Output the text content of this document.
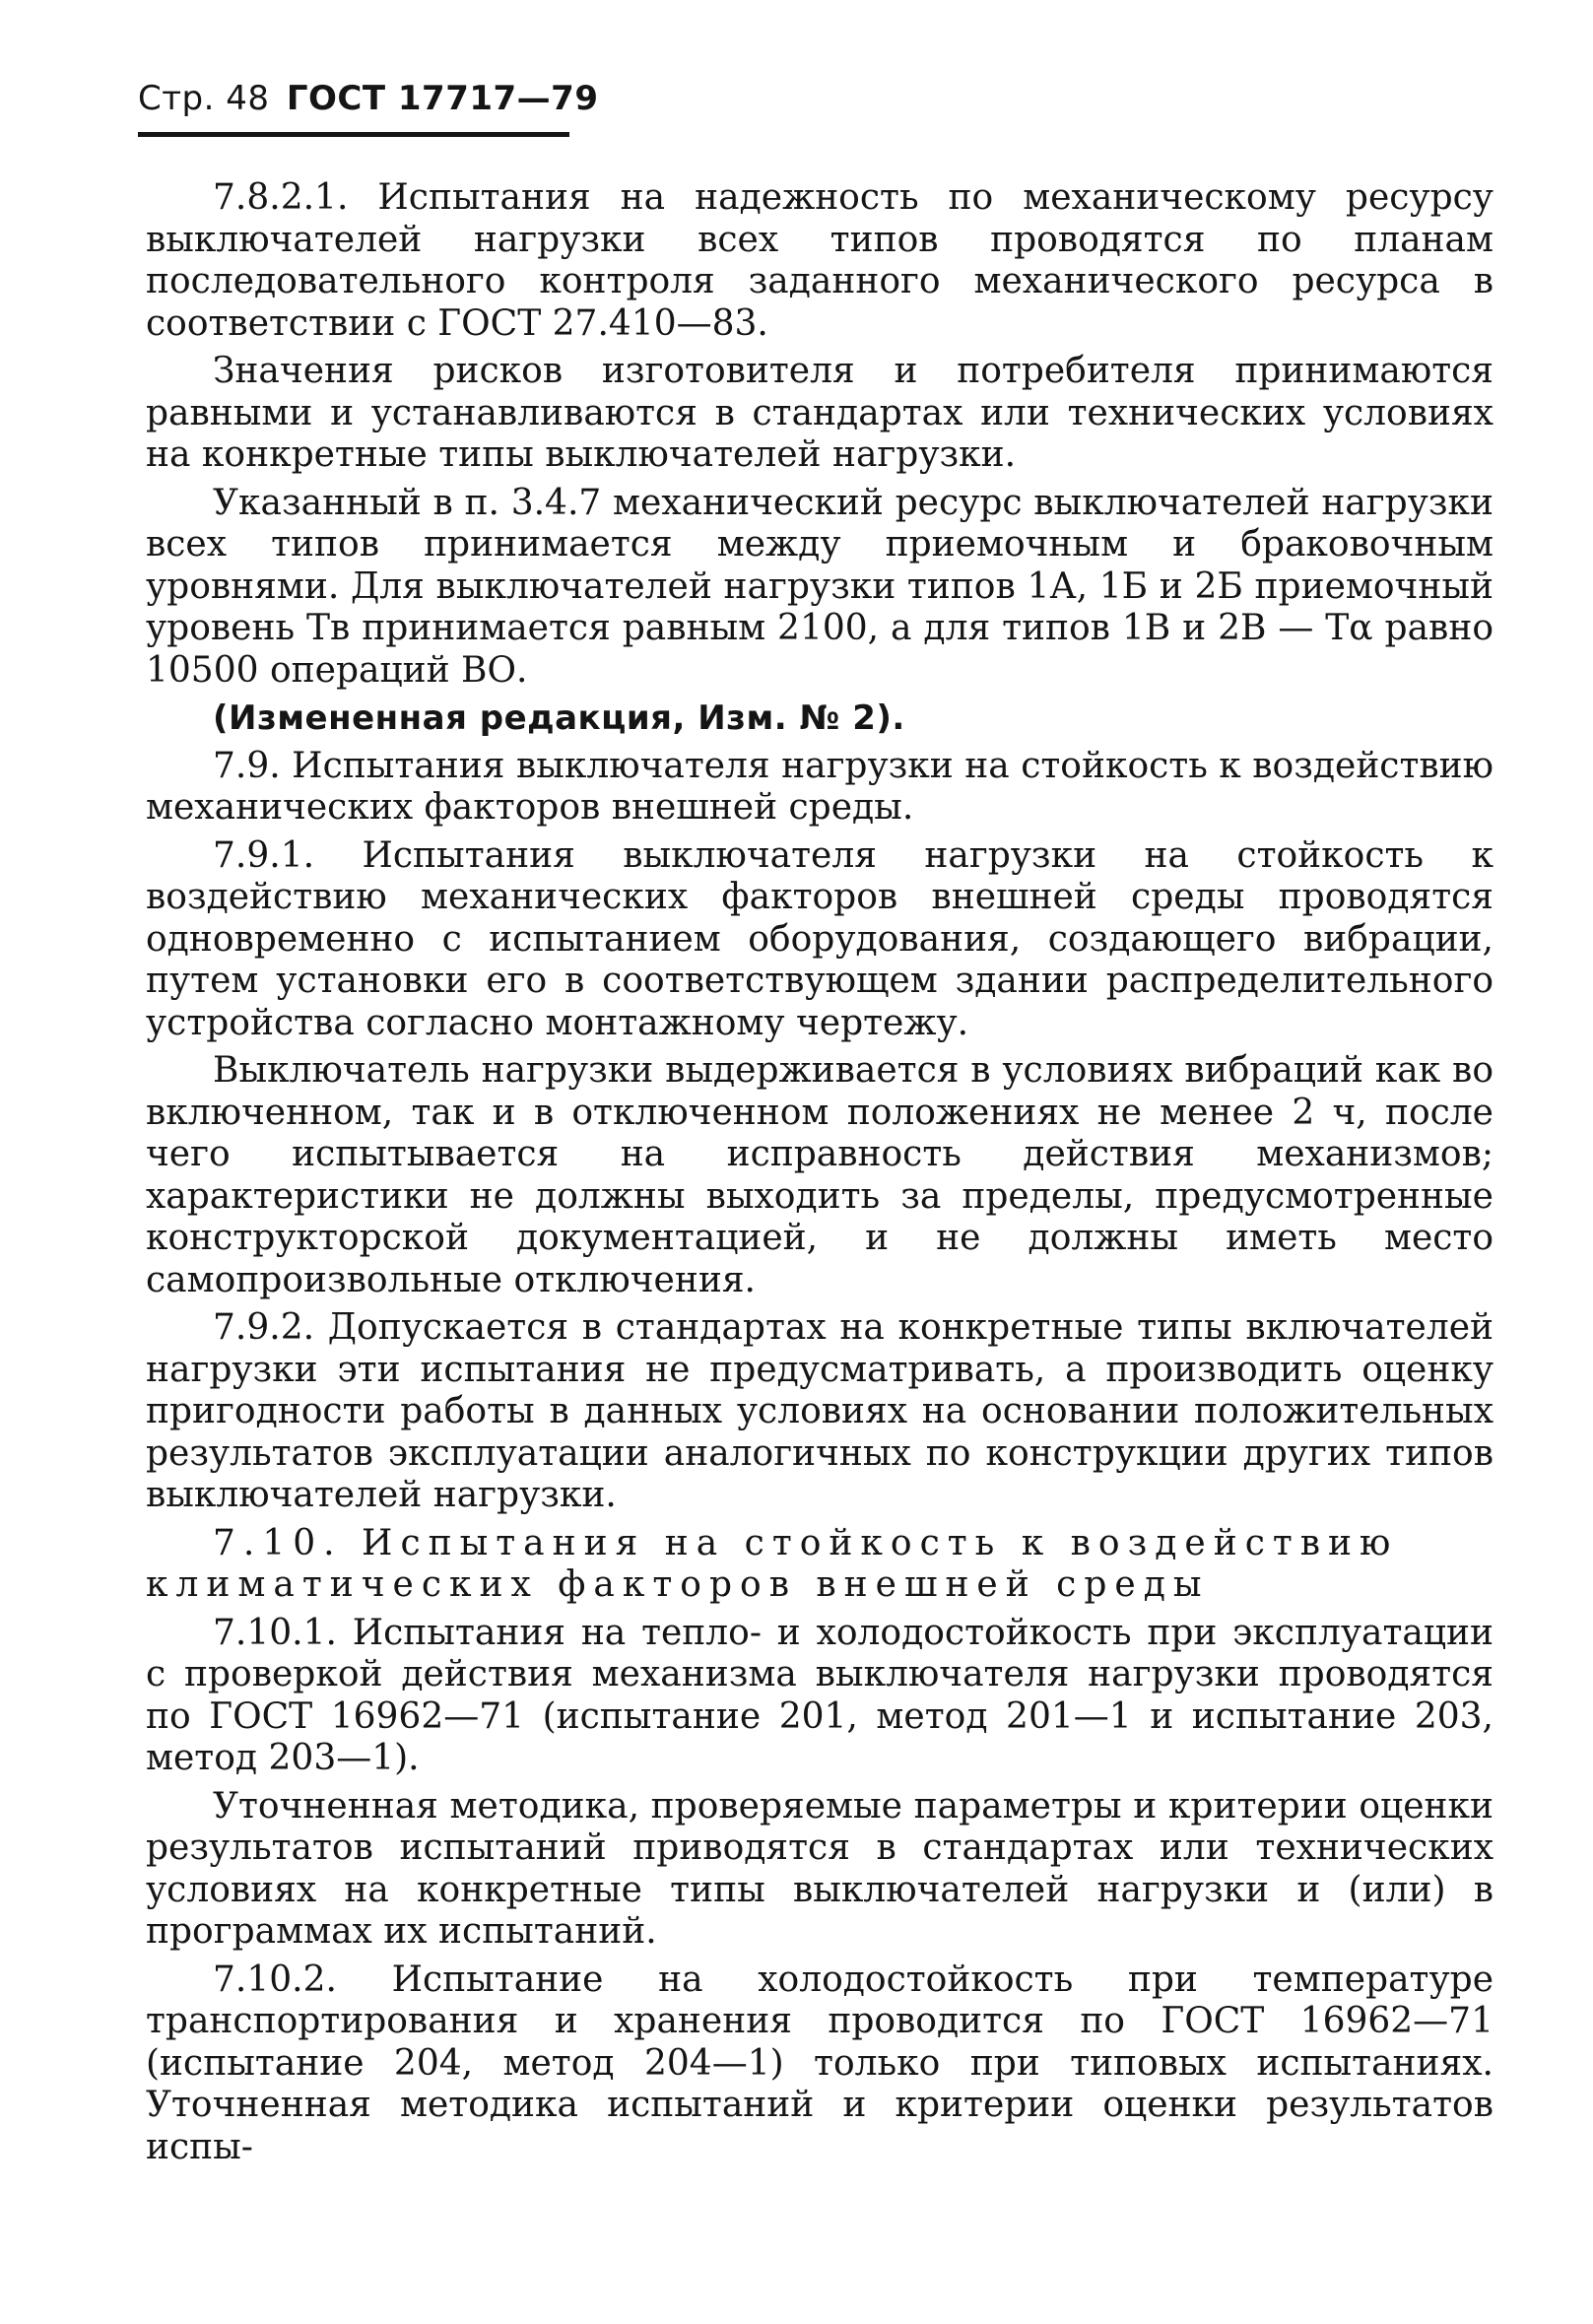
Стр. 48 ГОСТ 17717—79

7.8.2.1. Испытания на надежность по механическому ресурсу выключателей нагрузки всех типов проводятся по планам последовательного контроля заданного механического ресурса в соответствии с ГОСТ 27.410—83.

Значения рисков изготовителя и потребителя принимаются равными и устанавливаются в стандартах или технических условиях на конкретные типы выключателей нагрузки.

Указанный в п. 3.4.7 механический ресурс выключателей нагрузки всех типов принимается между приемочным и браковочным уровнями. Для выключателей нагрузки типов 1А, 1Б и 2Б приемочный уровень Tв принимается равным 2100, а для типов 1В и 2В — Tα равно 10500 операций ВО.

(Измененная редакция, Изм. № 2).

7.9. Испытания выключателя нагрузки на стойкость к воздействию механических факторов внешней среды.

7.9.1. Испытания выключателя нагрузки на стойкость к воздействию механических факторов внешней среды проводятся одновременно с испытанием оборудования, создающего вибрации, путем установки его в соответствующем здании распределительного устройства согласно монтажному чертежу.

Выключатель нагрузки выдерживается в условиях вибраций как во включенном, так и в отключенном положениях не менее 2 ч, после чего испытывается на исправность действия механизмов; характеристики не должны выходить за пределы, предусмотренные конструкторской документацией, и не должны иметь место самопроизвольные отключения.

7.9.2. Допускается в стандартах на конкретные типы включателей нагрузки эти испытания не предусматривать, а производить оценку пригодности работы в данных условиях на основании положительных результатов эксплуатации аналогичных по конструкции других типов выключателей нагрузки.

7.10. Испытания на стойкость к воздействию климатических факторов внешней среды

7.10.1. Испытания на тепло- и холодостойкость при эксплуатации с проверкой действия механизма выключателя нагрузки проводятся по ГОСТ 16962—71 (испытание 201, метод 201—1 и испытание 203, метод 203—1).

Уточненная методика, проверяемые параметры и критерии оценки результатов испытаний приводятся в стандартах или технических условиях на конкретные типы выключателей нагрузки и (или) в программах их испытаний.

7.10.2. Испытание на холодостойкость при температуре транспортирования и хранения проводится по ГОСТ 16962—71 (испытание 204, метод 204—1) только при типовых испытаниях. Уточненная методика испытаний и критерии оценки результатов испы-
